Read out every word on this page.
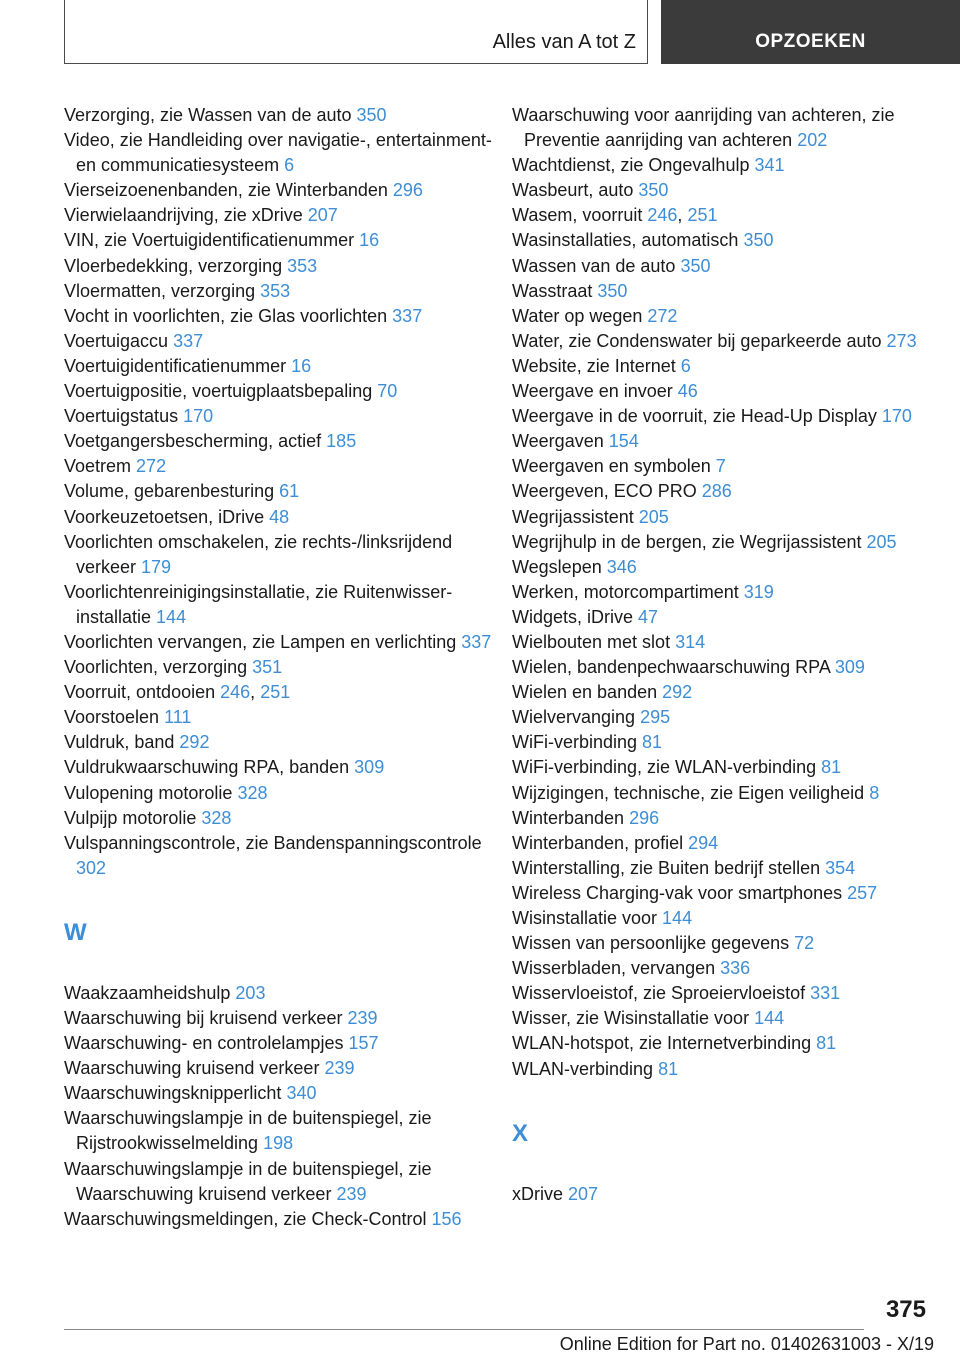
Alles van A tot Z	OPZOEKEN
Verzorging, zie Wassen van de auto 350
Video, zie Handleiding over navigatie-, entertainment- en communicatiesysteem 6
Vierseizoenenbanden, zie Winterbanden 296
Vierwielaandrijving, zie xDrive 207
VIN, zie Voertuigidentificatienummer 16
Vloerbedekking, verzorging 353
Vloermatten, verzorging 353
Vocht in voorlichten, zie Glas voorlichten 337
Voertuigaccu 337
Voertuigidentificatienummer 16
Voertuigpositie, voertuigplaatsbepaling 70
Voertuigstatus 170
Voetgangersbescherming, actief 185
Voetrem 272
Volume, gebarenbesturing 61
Voorkeuzetoetsen, iDrive 48
Voorlichten omschakelen, zie rechts-/linksrijdend verkeer 179
Voorlichtenreinigingsinstallatie, zie Ruitenwisserinstallatie 144
Voorlichten vervangen, zie Lampen en verlichting 337
Voorlichten, verzorging 351
Voorruit, ontdooien 246, 251
Voorstoelen 111
Vuldruk, band 292
Vuldrukwaarschuwing RPA, banden 309
Vulopening motorolie 328
Vulpijp motorolie 328
Vulspanningscontrole, zie Bandenspanningscontrole 302
W
Waakzaamheidshulp 203
Waarschuwing bij kruisend verkeer 239
Waarschuwing- en controlelampjes 157
Waarschuwing kruisend verkeer 239
Waarschuwingsknipperlicht 340
Waarschuwingslampje in de buitenspiegel, zie Rijstrookwisselmelding 198
Waarschuwingslampje in de buitenspiegel, zie Waarschuwing kruisend verkeer 239
Waarschuwingsmeldingen, zie Check-Control 156
Waarschuwing voor aanrijding van achteren, zie Preventie aanrijding van achteren 202
Wachtdienst, zie Ongevalhulp 341
Wasbeurt, auto 350
Wasem, voorruit 246, 251
Wasinstallaties, automatisch 350
Wassen van de auto 350
Wasstraat 350
Water op wegen 272
Water, zie Condenswater bij geparkeerde auto 273
Website, zie Internet 6
Weergave en invoer 46
Weergave in de voorruit, zie Head-Up Display 170
Weergaven 154
Weergaven en symbolen 7
Weergeven, ECO PRO 286
Wegrijassistent 205
Wegrijhulp in de bergen, zie Wegrijassistent 205
Wegslepen 346
Werken, motorcompartiment 319
Widgets, iDrive 47
Wielbouten met slot 314
Wielen, bandenpechwaarschuwing RPA 309
Wielen en banden 292
Wielvervanging 295
WiFi-verbinding 81
WiFi-verbinding, zie WLAN-verbinding 81
Wijzigingen, technische, zie Eigen veiligheid 8
Winterbanden 296
Winterbanden, profiel 294
Winterstalling, zie Buiten bedrijf stellen 354
Wireless Charging-vak voor smartphones 257
Wisinstallatie voor 144
Wissen van persoonlijke gegevens 72
Wisserbladen, vervangen 336
Wisservloeistof, zie Sproeiervloeistof 331
Wisser, zie Wisinstallatie voor 144
WLAN-hotspot, zie Internetverbinding 81
WLAN-verbinding 81
X
xDrive 207
375
Online Edition for Part no. 01402631003 - X/19
